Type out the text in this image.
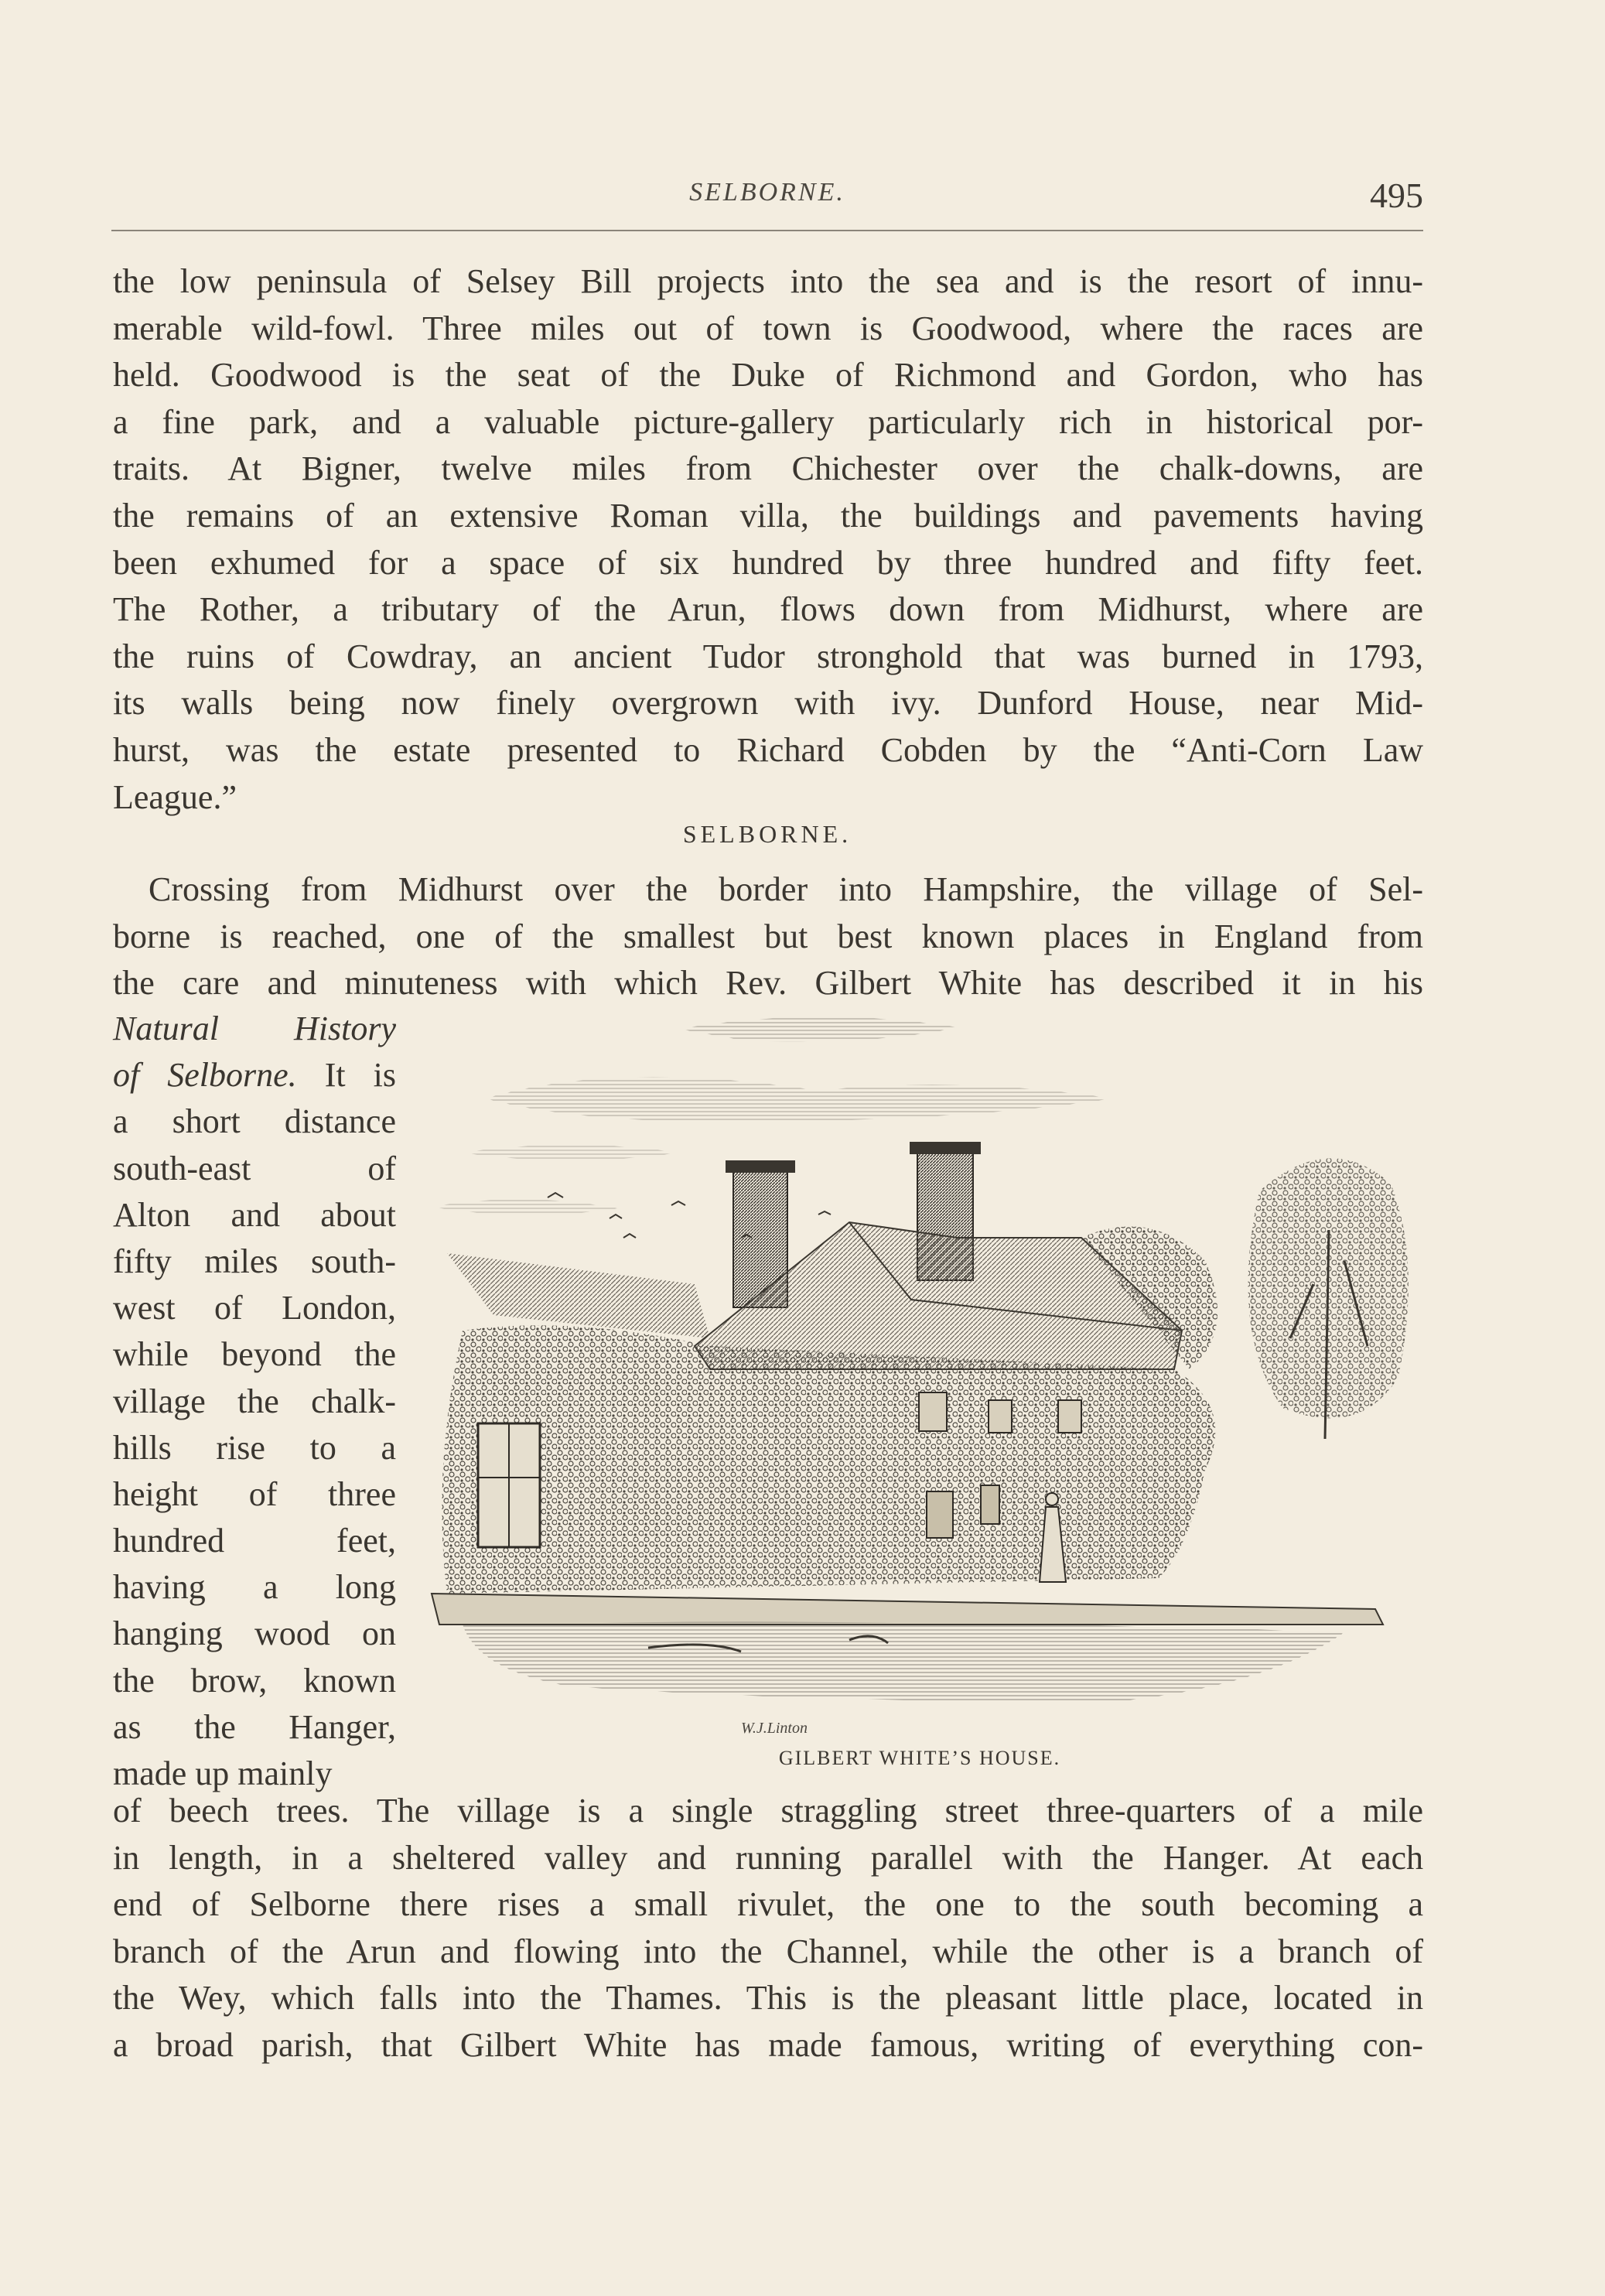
SELBORNE.	495
the low peninsula of Selsey Bill projects into the sea and is the resort of innu-
merable wild-fowl. Three miles out of town is Goodwood, where the races are
held. Goodwood is the seat of the Duke of Richmond and Gordon, who has
a fine park, and a valuable picture-gallery particularly rich in historical por-
traits. At Bigner, twelve miles from Chichester over the chalk-downs, are
the remains of an extensive Roman villa, the buildings and pavements having
been exhumed for a space of six hundred by three hundred and fifty feet.
The Rother, a tributary of the Arun, flows down from Midhurst, where are
the ruins of Cowdray, an ancient Tudor stronghold that was burned in 1793,
its walls being now finely overgrown with ivy. Dunford House, near Mid-
hurst, was the estate presented to Richard Cobden by the “Anti-Corn Law
League.”
SELBORNE.
Crossing from Midhurst over the border into Hampshire, the village of Sel-
borne is reached, one of the smallest but best known places in England from
the care and minuteness with which Rev. Gilbert White has described it in his
Natural History
of Selborne. It is
a short distance
south-east of
Alton and about
fifty miles south-
west of London,
while beyond the
village the chalk-
hills rise to a
height of three
hundred feet,
having a long
hanging wood on
the brow, known
as the Hanger,
made up mainly
W.J.Linton
GILBERT WHITE’S HOUSE.
of beech trees. The village is a single straggling street three-quarters of a mile
in length, in a sheltered valley and running parallel with the Hanger. At each
end of Selborne there rises a small rivulet, the one to the south becoming a
branch of the Arun and flowing into the Channel, while the other is a branch of
the Wey, which falls into the Thames. This is the pleasant little place, located in
a broad parish, that Gilbert White has made famous, writing of everything con-
